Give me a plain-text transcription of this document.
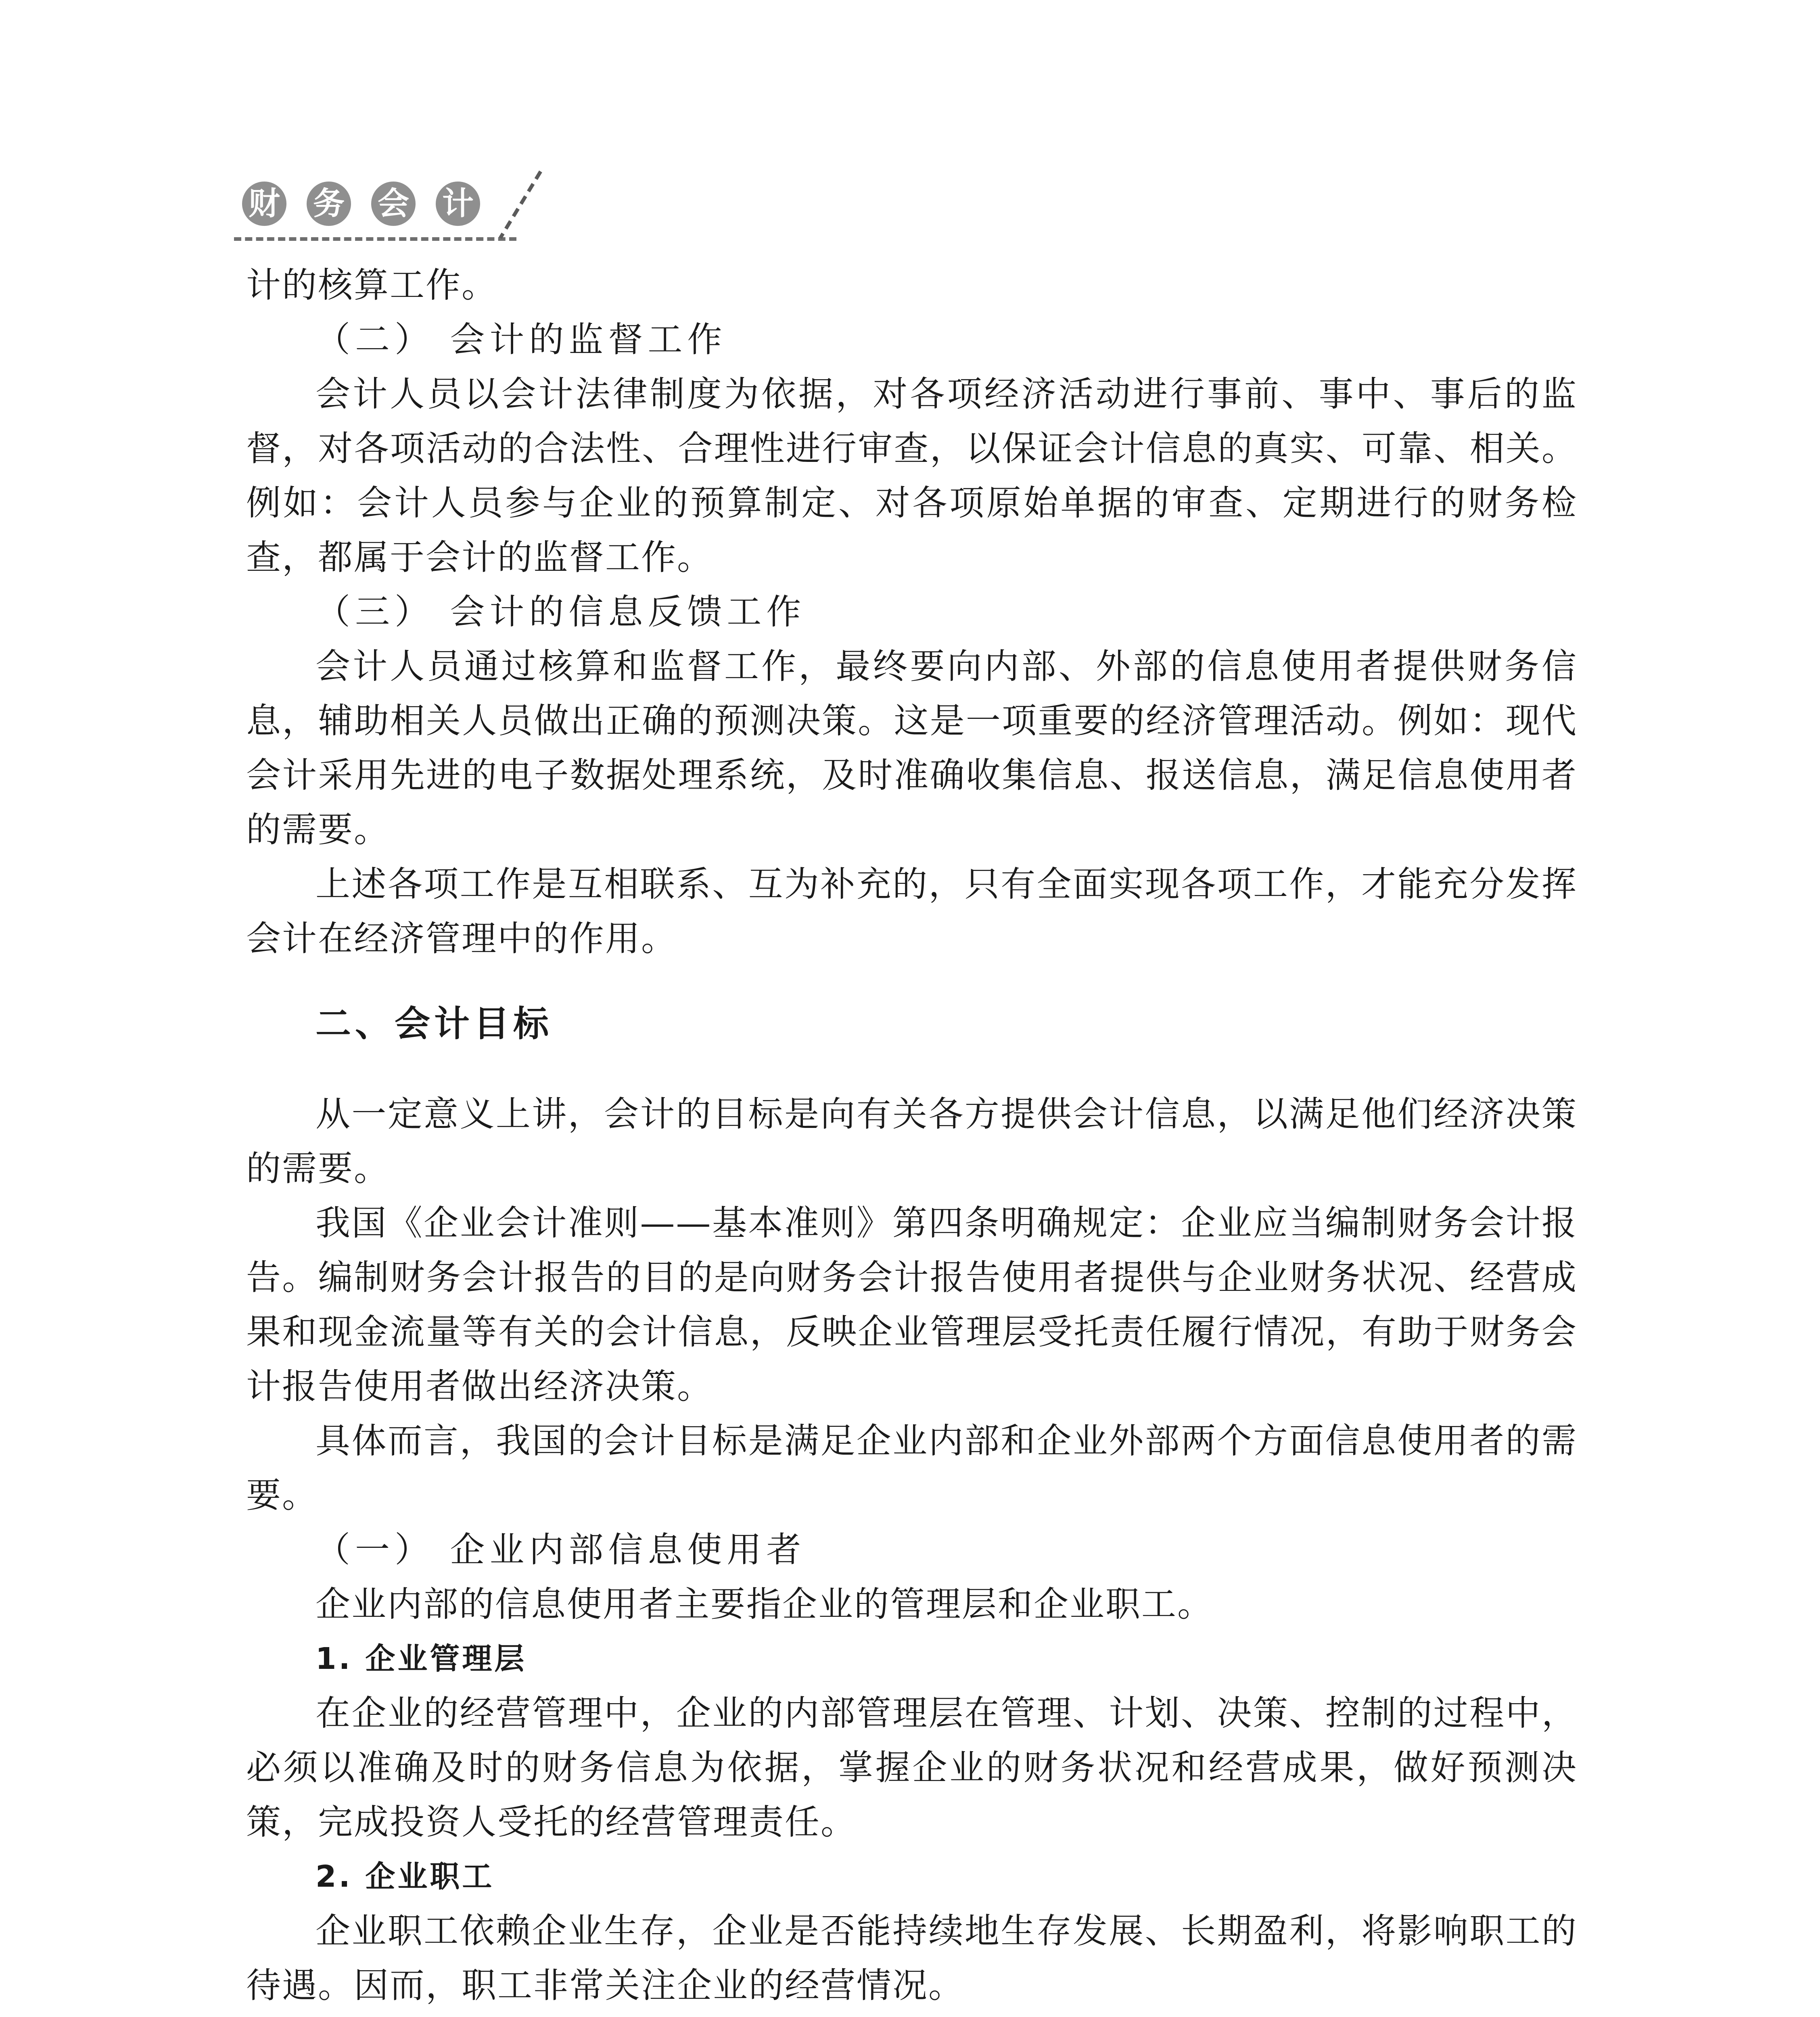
财 务 会 计

计的核算工作。

（二） 会计的监督工作

会计人员以会计法律制度为依据，对各项经济活动进行事前、事中、事后的监督，对各项活动的合法性、合理性进行审查，以保证会计信息的真实、可靠、相关。例如：会计人员参与企业的预算制定、对各项原始单据的审查、定期进行的财务检查，都属于会计的监督工作。

（三） 会计的信息反馈工作

会计人员通过核算和监督工作，最终要向内部、外部的信息使用者提供财务信息，辅助相关人员做出正确的预测决策。这是一项重要的经济管理活动。例如：现代会计采用先进的电子数据处理系统，及时准确收集信息、报送信息，满足信息使用者的需要。

上述各项工作是互相联系、互为补充的，只有全面实现各项工作，才能充分发挥会计在经济管理中的作用。

二、会计目标

从一定意义上讲，会计的目标是向有关各方提供会计信息，以满足他们经济决策的需要。

我国《企业会计准则——基本准则》第四条明确规定：企业应当编制财务会计报告。编制财务会计报告的目的是向财务会计报告使用者提供与企业财务状况、经营成果和现金流量等有关的会计信息，反映企业管理层受托责任履行情况，有助于财务会计报告使用者做出经济决策。

具体而言，我国的会计目标是满足企业内部和企业外部两个方面信息使用者的需要。

（一） 企业内部信息使用者

企业内部的信息使用者主要指企业的管理层和企业职工。

1. 企业管理层

在企业的经营管理中，企业的内部管理层在管理、计划、决策、控制的过程中，必须以准确及时的财务信息为依据，掌握企业的财务状况和经营成果，做好预测决策，完成投资人受托的经营管理责任。

2. 企业职工

企业职工依赖企业生存，企业是否能持续地生存发展、长期盈利，将影响职工的待遇。因而，职工非常关注企业的经营情况。
